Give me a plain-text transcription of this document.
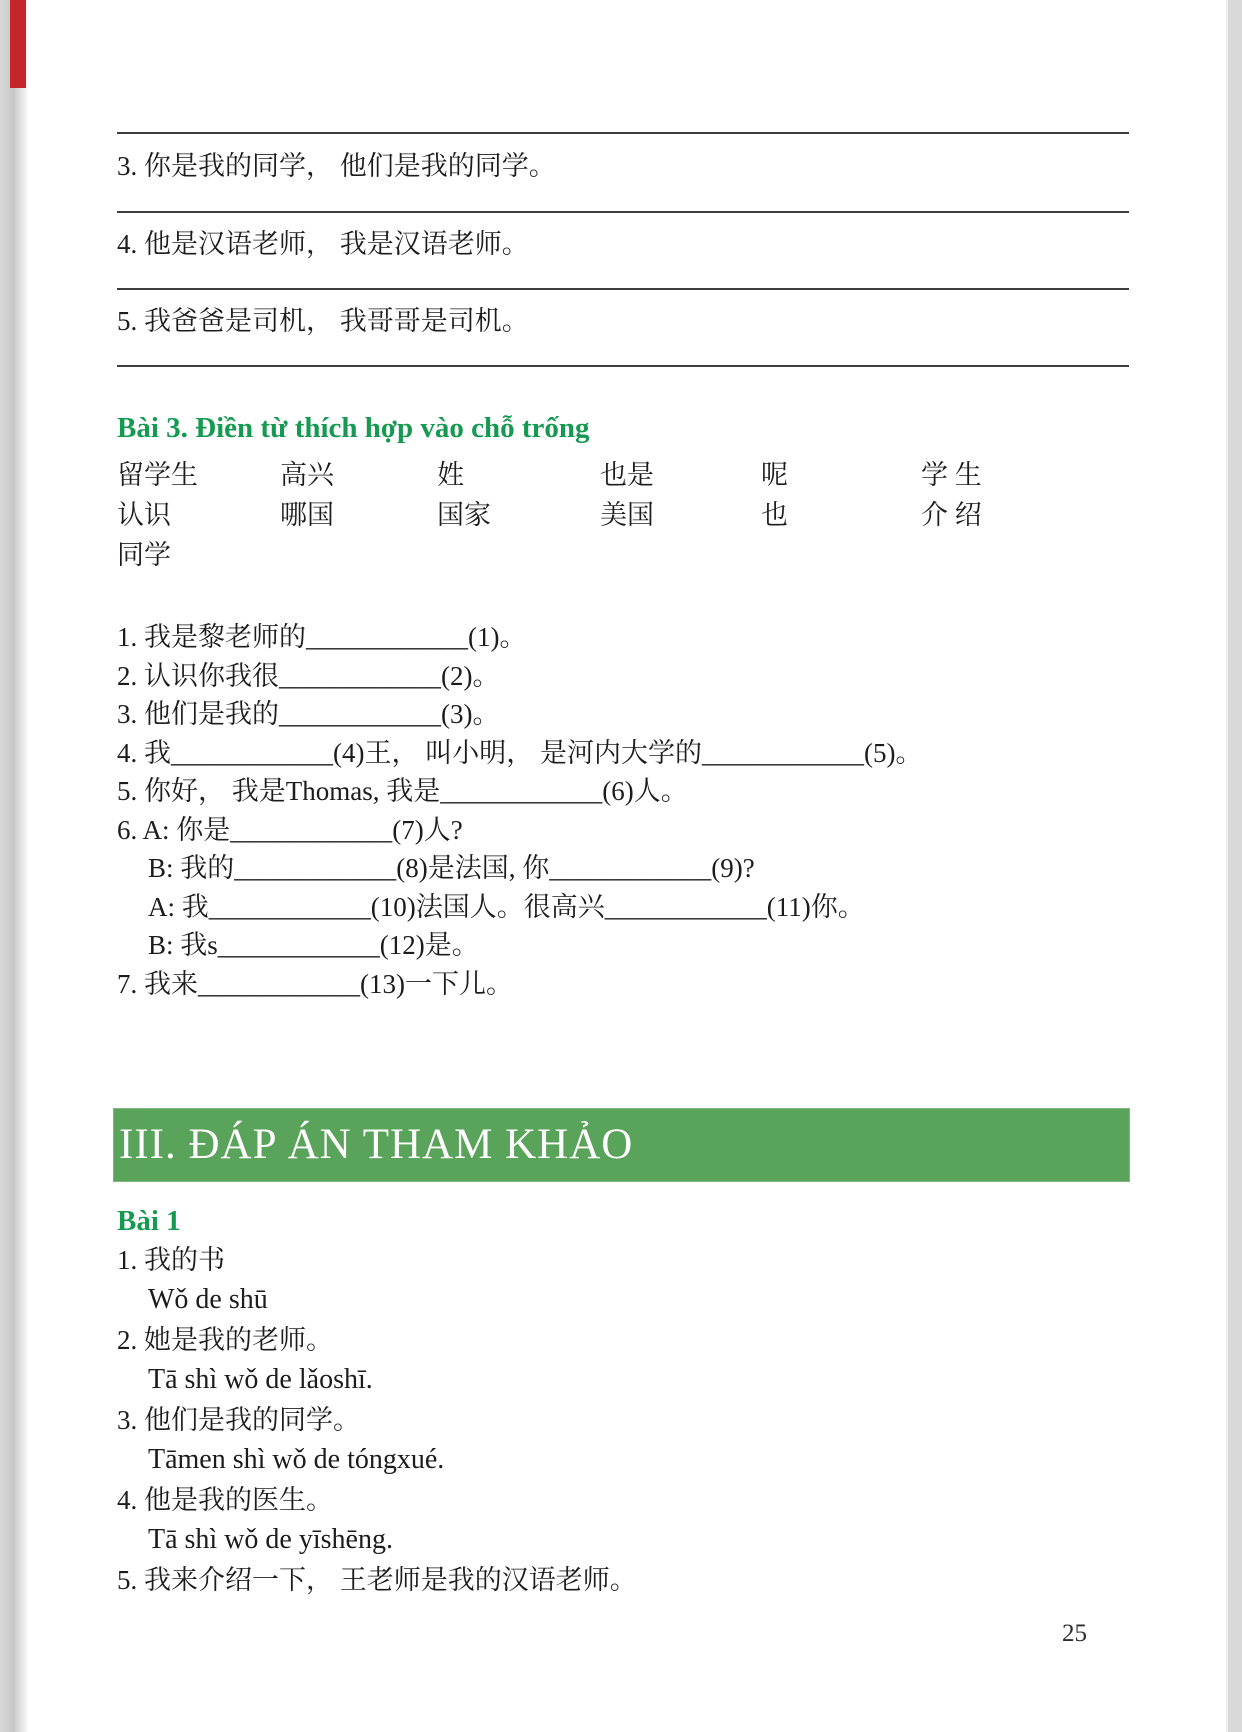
3. 你是我的同学， 他们是我的同学。
4. 他是汉语老师， 我是汉语老师。
5. 我爸爸是司机， 我哥哥是司机。
Bài 3. Điền từ thích hợp vào chỗ trống
留学生	高兴	姓	也是	呢	学 生
认识	哪国	国家	美国	也	介 绍
同学
1. 我是黎老师的____________(1)。
2. 认识你我很____________(2)。
3. 他们是我的____________(3)。
4. 我____________(4)王， 叫小明， 是河内大学的____________(5)。
5. 你好， 我是Thomas, 我是____________(6)人。
6. A: 你是____________(7)人?
B: 我的____________(8)是法国, 你____________(9)?
A: 我____________(10)法国人。很高兴____________(11)你。
B: 我s____________(12)是。
7. 我来____________(13)一下儿。
III. ĐÁP ÁN THAM KHẢO
Bài 1
1. 我的书
Wǒ de shū
2. 她是我的老师。
Tā shì wǒ de lǎoshī.
3. 他们是我的同学。
Tāmen shì wǒ de tóngxué.
4. 他是我的医生。
Tā shì wǒ de yīshēng.
5. 我来介绍一下， 王老师是我的汉语老师。
25
